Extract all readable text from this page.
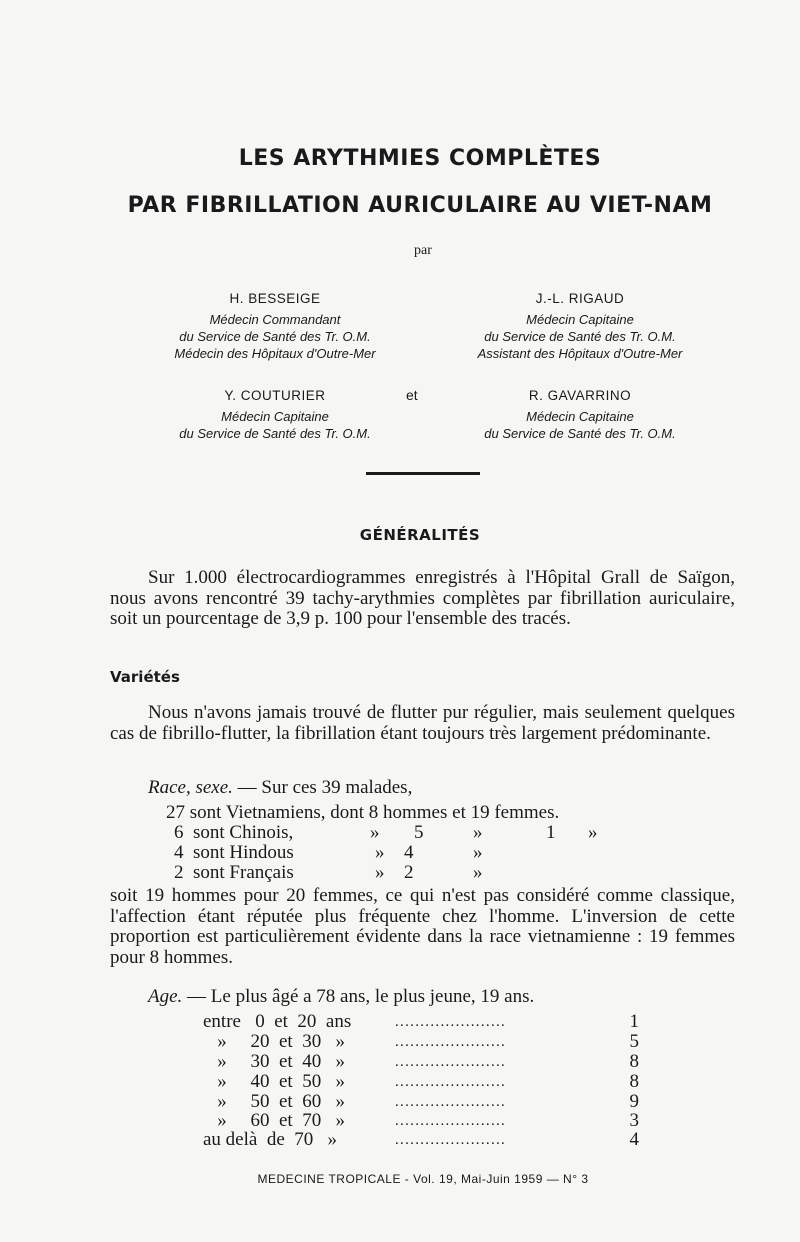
LES ARYTHMIES COMPLÈTES
PAR FIBRILLATION AURICULAIRE AU VIET-NAM
par
H. BESSEIGE
Médecin Commandant
du Service de Santé des Tr. O.M.
Médecin des Hôpitaux d'Outre-Mer
J.-L. RIGAUD
Médecin Capitaine
du Service de Santé des Tr. O.M.
Assistant des Hôpitaux d'Outre-Mer
Y. COUTURIER
Médecin Capitaine
du Service de Santé des Tr. O.M.
et	R. GAVARRINO
Médecin Capitaine
du Service de Santé des Tr. O.M.
GÉNÉRALITÉS
Sur 1.000 électrocardiogrammes enregistrés à l'Hôpital Grall de Saïgon, nous avons rencontré 39 tachy-arythmies complètes par fibrillation auriculaire, soit un pourcentage de 3,9 p. 100 pour l'ensemble des tracés.
Variétés
Nous n'avons jamais trouvé de flutter pur régulier, mais seulement quelques cas de fibrillo-flutter, la fibrillation étant toujours très largement prédominante.
Race, sexe. — Sur ces 39 malades,
27 sont Vietnamiens, dont 8 hommes et 19 femmes.
6 sont Chinois,	» 5	»	1 »
4 sont Hindous	» 4	»
2 sont Français	» 2	»
soit 19 hommes pour 20 femmes, ce qui n'est pas considéré comme classique, l'affection étant réputée plus fréquente chez l'homme. L'inversion de cette proportion est particulièrement évidente dans la race vietnamienne : 19 femmes pour 8 hommes.
Age. — Le plus âgé a 78 ans, le plus jeune, 19 ans.
entre   0  et  20  ans	......................	1
»     20  et  30   »	......................	5
»     30  et  40   »	......................	8
»     40  et  50   »	......................	8
»     50  et  60   »	......................	9
»     60  et  70   »	......................	3
au delà  de  70   »	......................	4
MEDECINE TROPICALE - Vol. 19, Mai-Juin 1959 — N° 3
